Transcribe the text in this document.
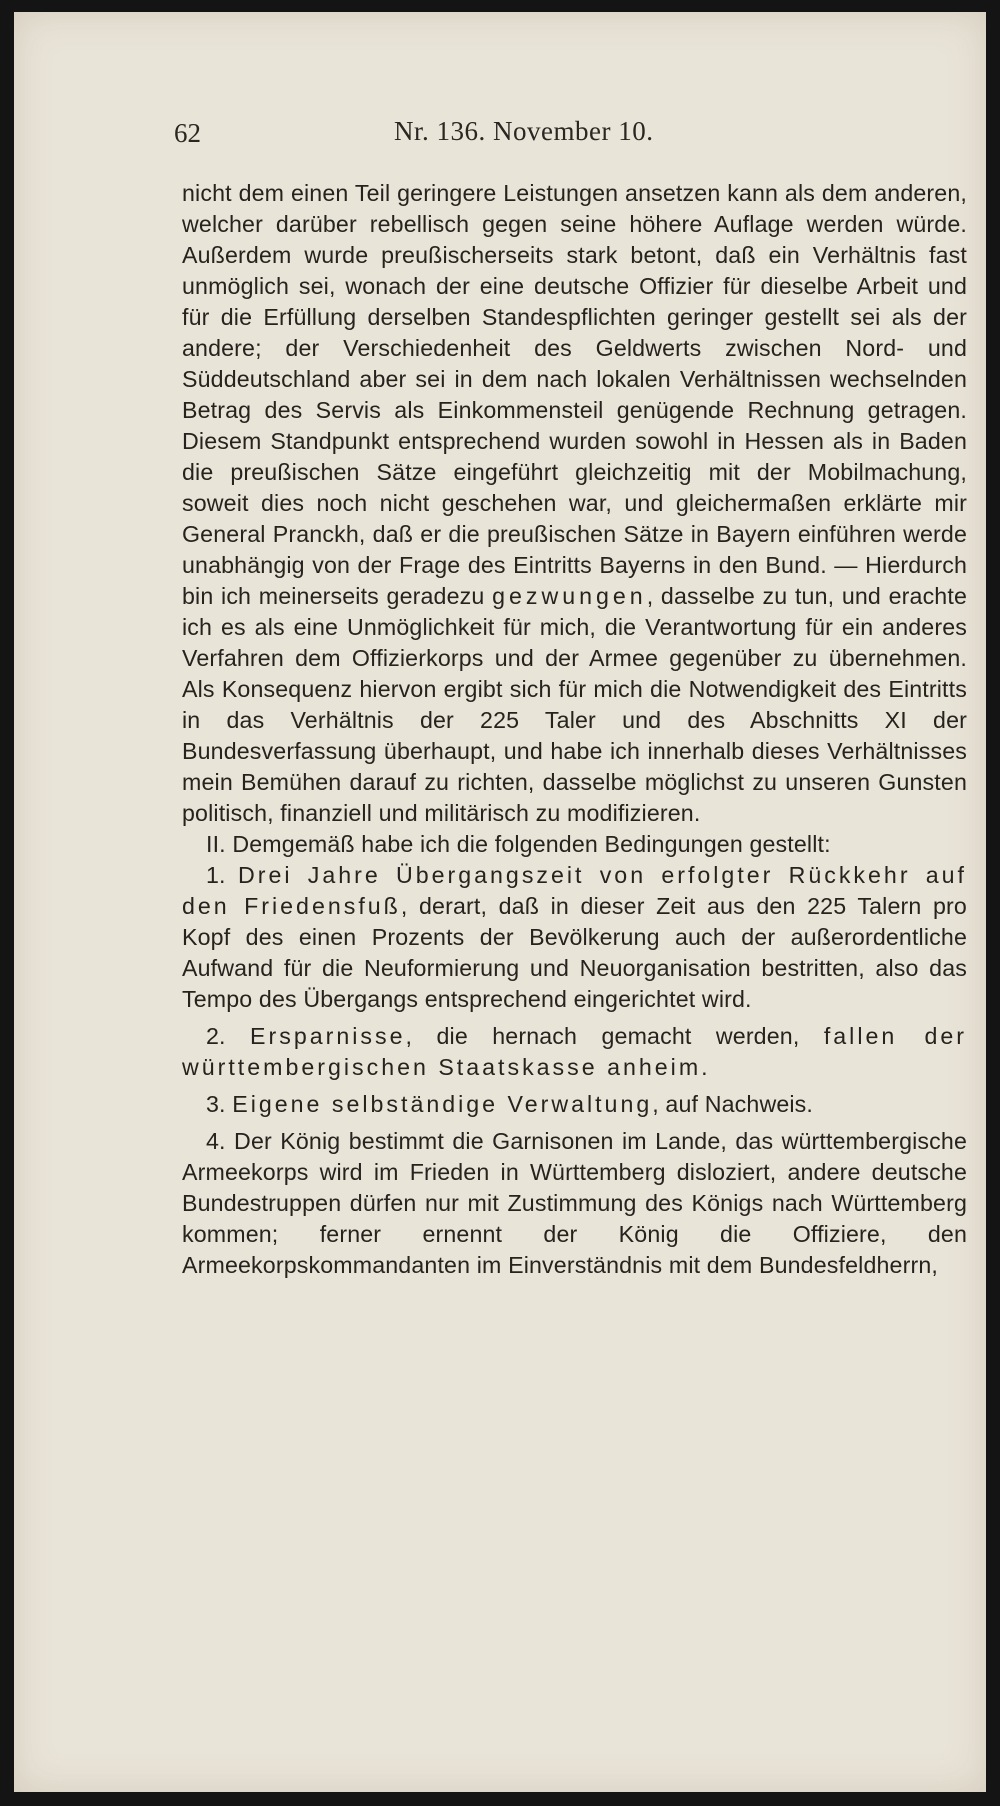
62	Nr. 136. November 10.

nicht dem einen Teil geringere Leistungen ansetzen kann als dem anderen, welcher darüber rebellisch gegen seine höhere Auflage werden würde. Außerdem wurde preußischerseits stark betont, daß ein Verhältnis fast unmöglich sei, wonach der eine deutsche Offizier für dieselbe Arbeit und für die Erfüllung derselben Standespflichten geringer gestellt sei als der andere; der Verschiedenheit des Geldwerts zwischen Nord- und Süddeutschland aber sei in dem nach lokalen Verhältnissen wechselnden Betrag des Servis als Einkommensteil genügende Rechnung getragen. Diesem Standpunkt entsprechend wurden sowohl in Hessen als in Baden die preußischen Sätze eingeführt gleichzeitig mit der Mobilmachung, soweit dies noch nicht geschehen war, und gleichermaßen erklärte mir General Pranckh, daß er die preußischen Sätze in Bayern einführen werde unabhängig von der Frage des Eintritts Bayerns in den Bund. — Hierdurch bin ich meinerseits geradezu gezwungen, dasselbe zu tun, und erachte ich es als eine Unmöglichkeit für mich, die Verantwortung für ein anderes Verfahren dem Offizierkorps und der Armee gegenüber zu übernehmen. Als Konsequenz hiervon ergibt sich für mich die Notwendigkeit des Eintritts in das Verhältnis der 225 Taler und des Abschnitts XI der Bundesverfassung überhaupt, und habe ich innerhalb dieses Verhältnisses mein Bemühen darauf zu richten, dasselbe möglichst zu unseren Gunsten politisch, finanziell und militärisch zu modifizieren.

II. Demgemäß habe ich die folgenden Bedingungen gestellt:

1. Drei Jahre Übergangszeit von erfolgter Rückkehr auf den Friedensfuß, derart, daß in dieser Zeit aus den 225 Talern pro Kopf des einen Prozents der Bevölkerung auch der außerordentliche Aufwand für die Neuformierung und Neuorganisation bestritten, also das Tempo des Übergangs entsprechend eingerichtet wird.

2. Ersparnisse, die hernach gemacht werden, fallen der württembergischen Staatskasse anheim.

3. Eigene selbständige Verwaltung, auf Nachweis.

4. Der König bestimmt die Garnisonen im Lande, das württembergische Armeekorps wird im Frieden in Württemberg disloziert, andere deutsche Bundestruppen dürfen nur mit Zustimmung des Königs nach Württemberg kommen; ferner ernennt der König die Offiziere, den Armeekorpskommandanten im Einverständnis mit dem Bundesfeldherrn,
